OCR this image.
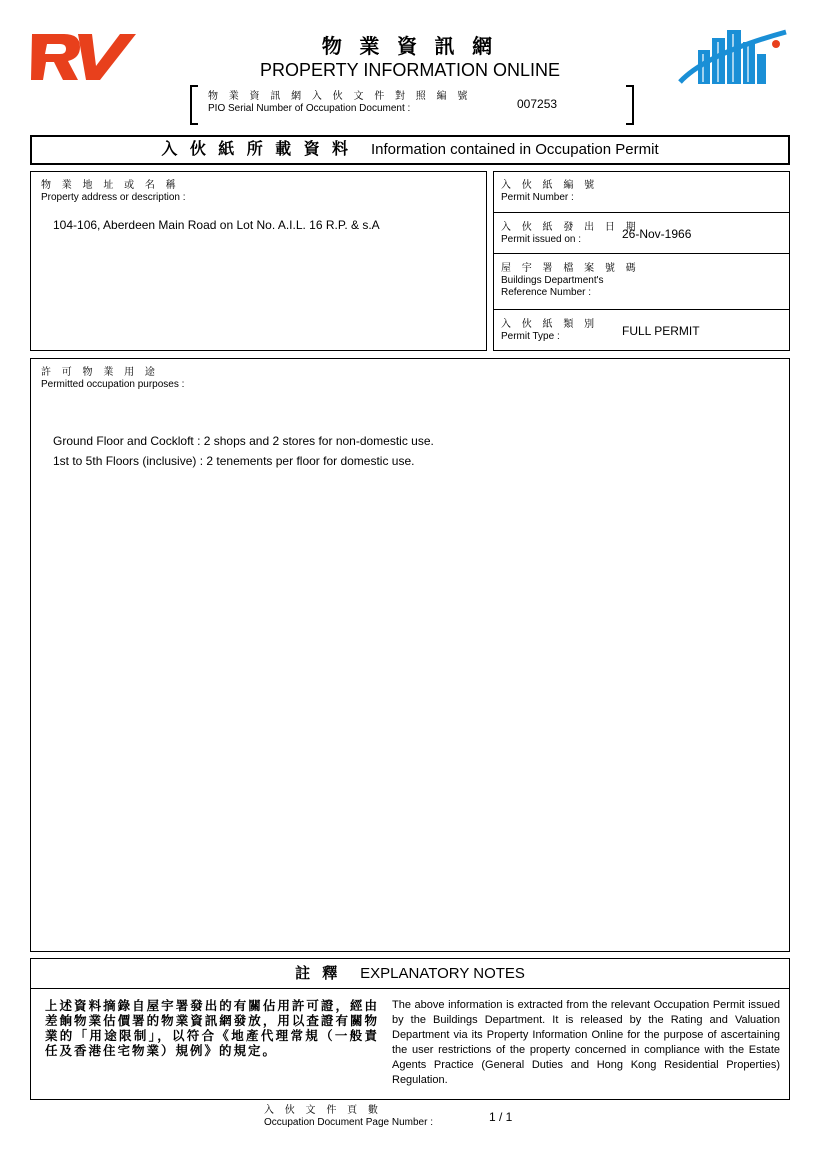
物 業 資 訊 網
PROPERTY INFORMATION ONLINE
物 業 資 訊 網 入 伙 文 件 對 照 編 號
PIO Serial Number of Occupation Document :	007253
入 伙 紙 所 載 資 料 Information contained in Occupation Permit
物 業 地 址 或 名 稱
Property address or description :
104-106, Aberdeen Main Road on Lot No. A.I.L. 16 R.P. & s.A
入 伙 紙 編 號
Permit Number :
入 伙 紙 發 出 日 期
Permit issued on :	26-Nov-1966
屋 宇 署 檔 案 號 碼
Buildings Department's
Reference Number :
入 伙 紙 類 別
Permit Type :	FULL PERMIT
許 可 物 業 用 途
Permitted occupation purposes :
Ground Floor and Cockloft : 2 shops and 2 stores for non-domestic use.
1st to 5th Floors (inclusive) : 2 tenements per floor for domestic use.
註 釋 EXPLANATORY NOTES
上述資料摘錄自屋宇署發出的有關佔用許可證，經由差餉物業估價署的物業資訊網發放，用以查證有關物業的「用途限制」，以符合《地產代理常規（一般責任及香港住宅物業）規例》的規定。
The above information is extracted from the relevant Occupation Permit issued by the Buildings Department. It is released by the Rating and Valuation Department via its Property Information Online for the purpose of ascertaining the user restrictions of the property concerned in compliance with the Estate Agents Practice (General Duties and Hong Kong Residential Properties) Regulation.
入 伙 文 件 頁 數
Occupation Document Page Number :	1 / 1
